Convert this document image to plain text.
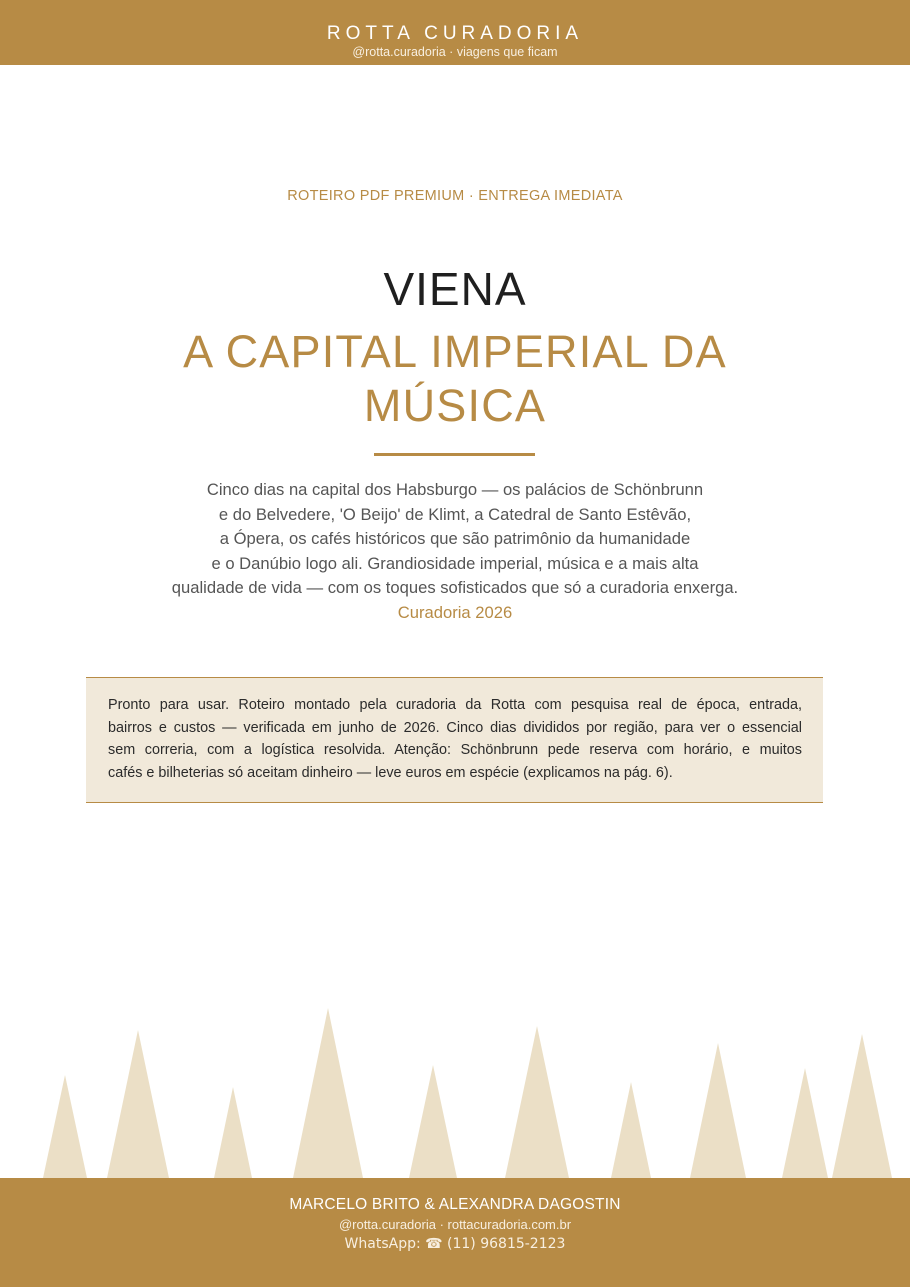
ROTTA CURADORIA
@rotta.curadoria · viagens que ficam
ROTEIRO PDF PREMIUM · ENTREGA IMEDIATA
VIENA
A CAPITAL IMPERIAL DA MÚSICA
Cinco dias na capital dos Habsburgo — os palácios de Schönbrunn
e do Belvedere, 'O Beijo' de Klimt, a Catedral de Santo Estêvão,
a Ópera, os cafés históricos que são patrimônio da humanidade
e o Danúbio logo ali. Grandiosidade imperial, música e a mais alta
qualidade de vida — com os toques sofisticados que só a curadoria enxerga.
Curadoria 2026
Pronto para usar. Roteiro montado pela curadoria da Rotta com pesquisa real de época, entrada,
bairros e custos — verificada em junho de 2026. Cinco dias divididos por região, para ver o essencial
sem correria, com a logística resolvida. Atenção: Schönbrunn pede reserva com horário, e muitos
cafés e bilheterias só aceitam dinheiro — leve euros em espécie (explicamos na pág. 6).
MARCELO BRITO & ALEXANDRA DAGOSTIN
@rotta.curadoria · rottacuradoria.com.br
WhatsApp: ☎ (11) 96815-2123
